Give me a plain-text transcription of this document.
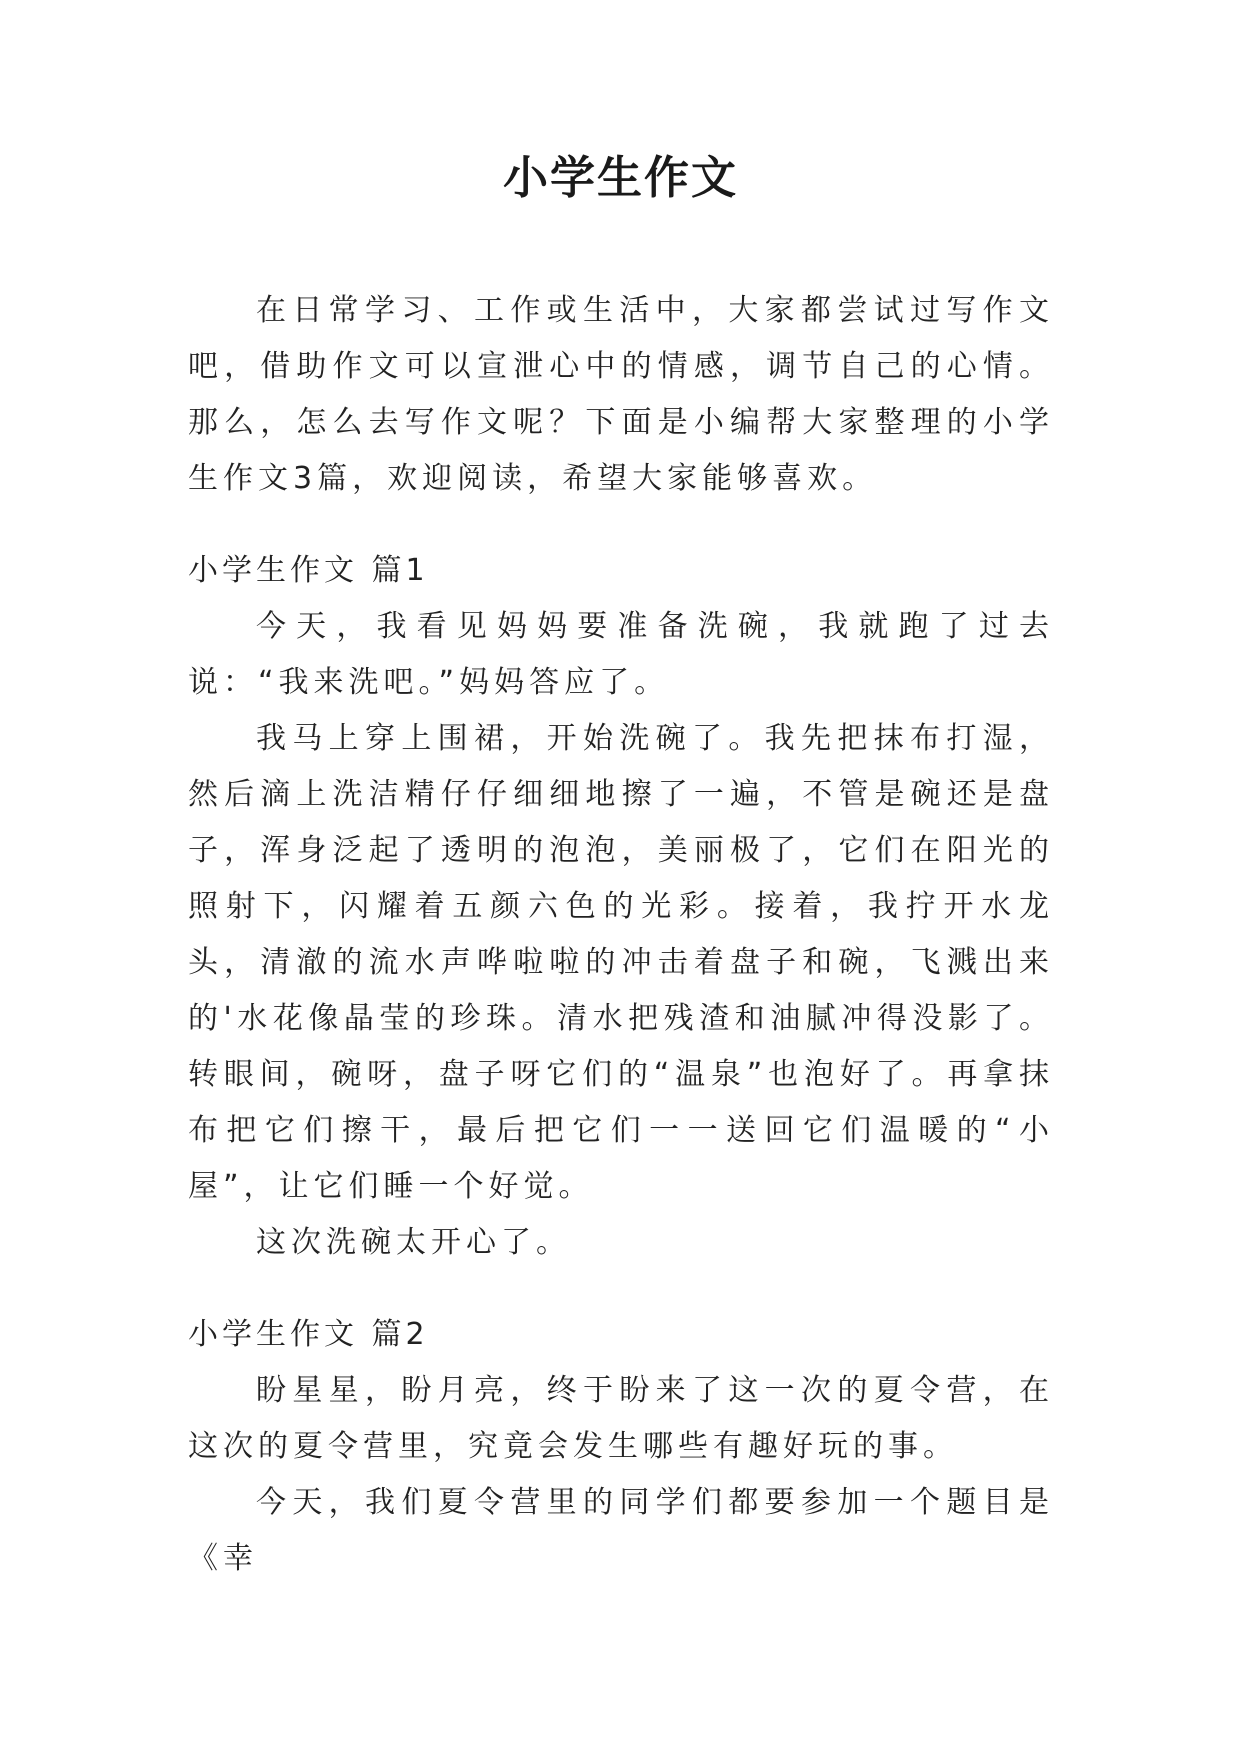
小学生作文

在日常学习、工作或生活中，大家都尝试过写作文吧，借助作文可以宣泄心中的情感，调节自己的心情。那么，怎么去写作文呢？下面是小编帮大家整理的小学生作文3篇，欢迎阅读，希望大家能够喜欢。

小学生作文 篇1

今天，我看见妈妈要准备洗碗，我就跑了过去说：“我来洗吧。”妈妈答应了。

我马上穿上围裙，开始洗碗了。我先把抹布打湿，然后滴上洗洁精仔仔细细地擦了一遍，不管是碗还是盘子，浑身泛起了透明的泡泡，美丽极了，它们在阳光的照射下，闪耀着五颜六色的光彩。接着，我拧开水龙头，清澈的流水声哗啦啦的冲击着盘子和碗，飞溅出来的'水花像晶莹的珍珠。清水把残渣和油腻冲得没影了。转眼间，碗呀，盘子呀它们的“温泉”也泡好了。再拿抹布把它们擦干，最后把它们一一送回它们温暖的“小屋”，让它们睡一个好觉。

这次洗碗太开心了。

小学生作文 篇2

盼星星，盼月亮，终于盼来了这一次的夏令营，在这次的夏令营里，究竟会发生哪些有趣好玩的事。

今天，我们夏令营里的同学们都要参加一个题目是《幸
